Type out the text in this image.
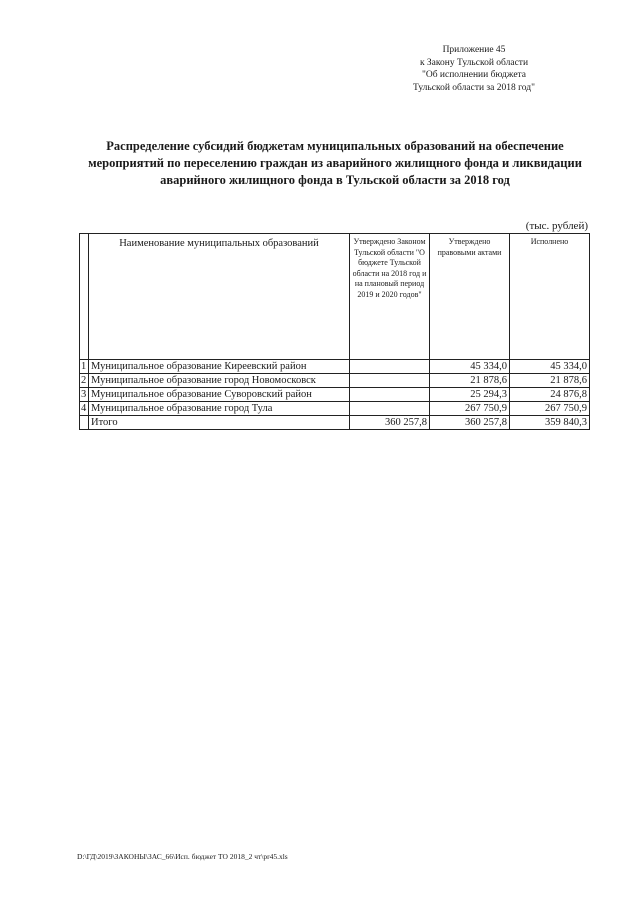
Приложение 45
к Закону Тульской области
"Об исполнении бюджета
Тульской области за 2018 год"
Распределение субсидий бюджетам муниципальных образований на обеспечение
мероприятий по переселению граждан из аварийного жилищного фонда и ликвидации
аварийного жилищного фонда в Тульской области за 2018 год
(тыс. рублей)
	Наименование муниципальных образований	Утверждено Законом Тульской области "О бюджете Тульской области на 2018 год и на плановый период 2019 и 2020 годов"	Утверждено правовыми актами	Исполнено
1	Муниципальное образование Киреевский район		45 334,0	45 334,0
2	Муниципальное образование город Новомосковск		21 878,6	21 878,6
3	Муниципальное образование Суворовский район		25 294,3	24 876,8
4	Муниципальное образование город Тула		267 750,9	267 750,9
	Итого	360 257,8	360 257,8	359 840,3
D:\ГД\2019\ЗАКОНЫ\ЗАС_66\Исп. бюджет ТО 2018_2 чт\pr45.xls
